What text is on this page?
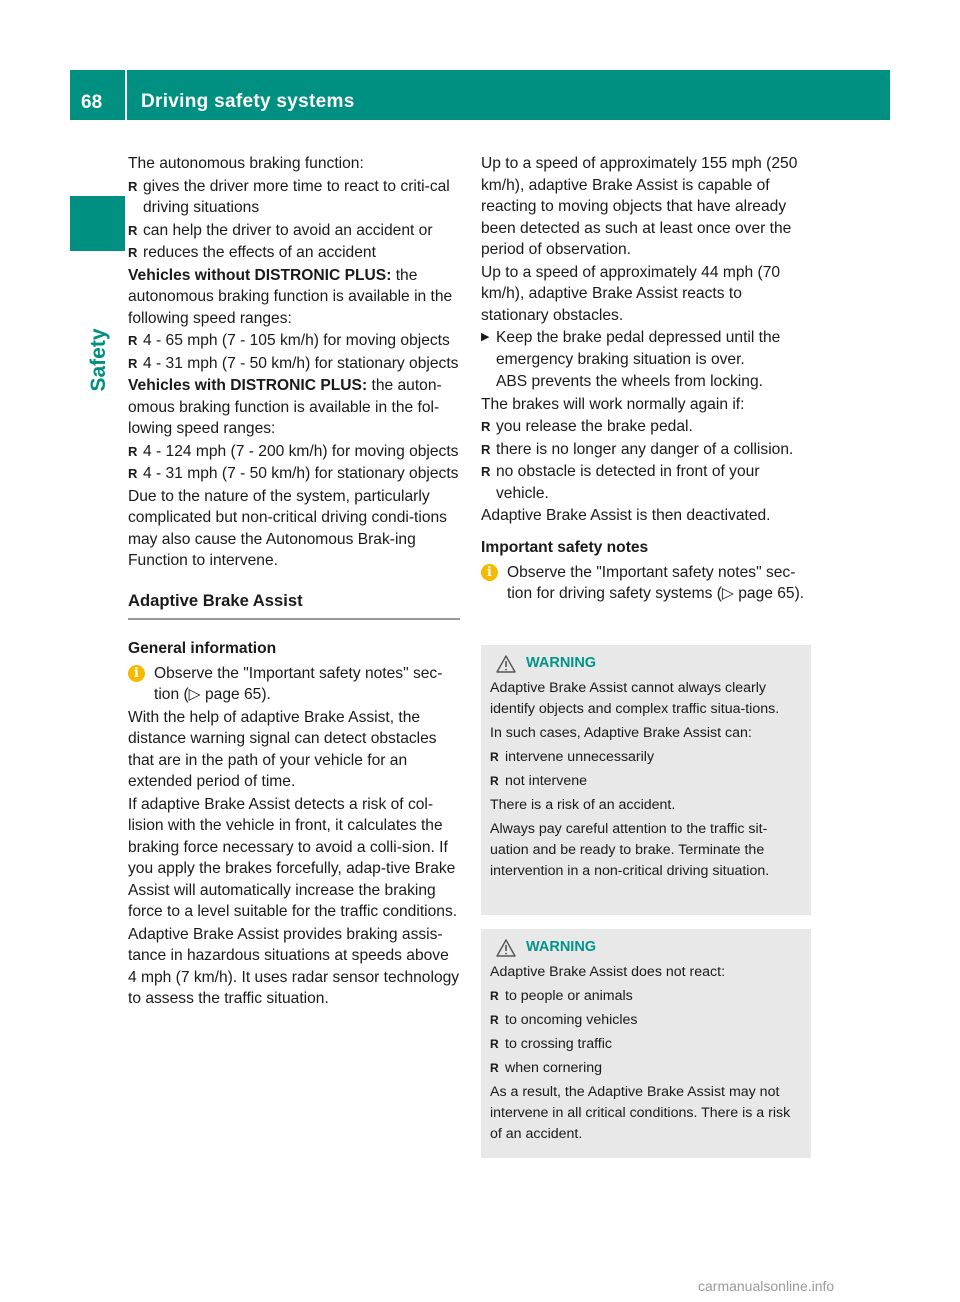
68 Driving safety systems
Safety

The autonomous braking function:

R gives the driver more time to react to criti-cal driving situations

R can help the driver to avoid an accident or

R reduces the effects of an accident

Vehicles without DISTRONIC PLUS: the autonomous braking function is available in the following speed ranges:

R 4 - 65 mph (7 - 105 km/h) for moving objects

R 4 - 31 mph (7 - 50 km/h) for stationary objects

Vehicles with DISTRONIC PLUS: the auton-omous braking function is available in the fol-lowing speed ranges:

R 4 - 124 mph (7 - 200 km/h) for moving objects

R 4 - 31 mph (7 - 50 km/h) for stationary objects

Due to the nature of the system, particularly complicated but non-critical driving condi-tions may also cause the Autonomous Brak-ing Function to intervene.

Adaptive Brake Assist
General information

i Observe the "Important safety notes" sec-tion (▷ page 65).

With the help of adaptive Brake Assist, the distance warning signal can detect obstacles that are in the path of your vehicle for an extended period of time.

If adaptive Brake Assist detects a risk of col-lision with the vehicle in front, it calculates the braking force necessary to avoid a colli-sion. If you apply the brakes forcefully, adap-tive Brake Assist will automatically increase the braking force to a level suitable for the traffic conditions.

Adaptive Brake Assist provides braking assis-tance in hazardous situations at speeds above 4 mph (7 km/h). It uses radar sensor technology to assess the traffic situation.

Up to a speed of approximately 155 mph (250 km/h), adaptive Brake Assist is capable of reacting to moving objects that have already been detected as such at least once over the period of observation.

Up to a speed of approximately 44 mph (70 km/h), adaptive Brake Assist reacts to stationary obstacles.

▶ Keep the brake pedal depressed until the emergency braking situation is over.

ABS prevents the wheels from locking.

The brakes will work normally again if:

R you release the brake pedal.

R there is no longer any danger of a collision.

R no obstacle is detected in front of your vehicle.

Adaptive Brake Assist is then deactivated.

Important safety notes

i Observe the "Important safety notes" sec-tion for driving safety systems (▷ page 65).

WARNING

Adaptive Brake Assist cannot always clearly identify objects and complex traffic situa-tions.

In such cases, Adaptive Brake Assist can:

R intervene unnecessarily

R not intervene

There is a risk of an accident.

Always pay careful attention to the traffic sit-uation and be ready to brake. Terminate the intervention in a non-critical driving situation.

WARNING

Adaptive Brake Assist does not react:

R to people or animals

R to oncoming vehicles

R to crossing traffic

R when cornering

As a result, the Adaptive Brake Assist may not intervene in all critical conditions. There is a risk of an accident.

carmanualsonline.info
